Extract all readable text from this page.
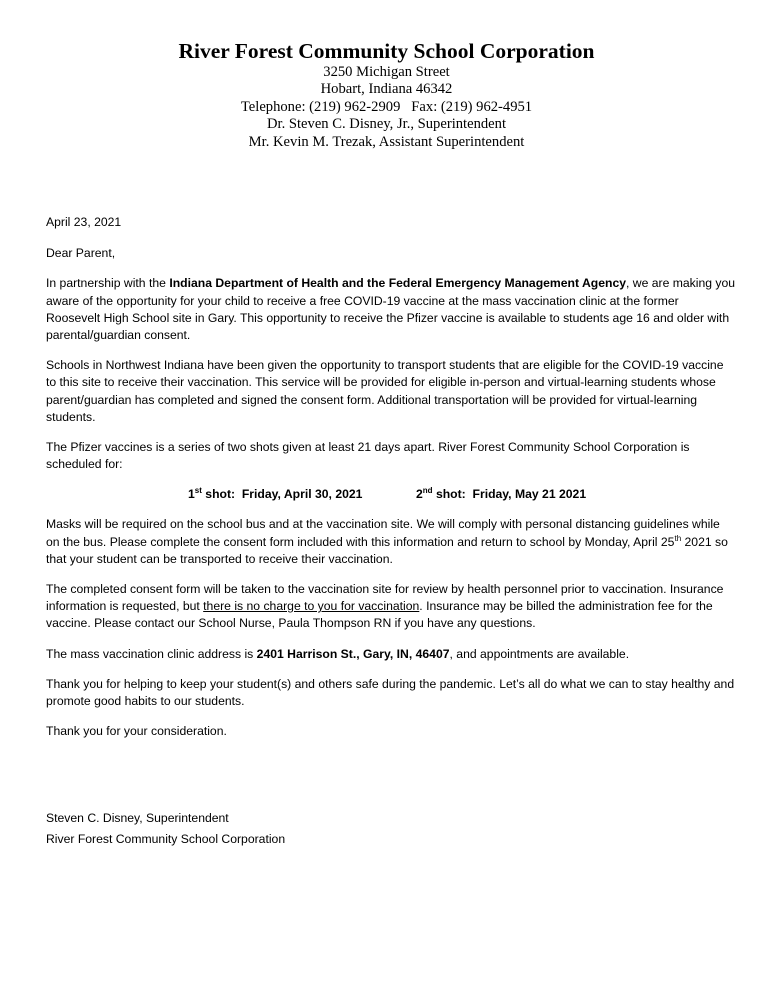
River Forest Community School Corporation
3250 Michigan Street
Hobart, Indiana 46342
Telephone: (219) 962-2909   Fax: (219) 962-4951
Dr. Steven C. Disney, Jr., Superintendent
Mr. Kevin M. Trezak, Assistant Superintendent

April 23, 2021

Dear Parent,

In partnership with the Indiana Department of Health and the Federal Emergency Management Agency, we are making you aware of the opportunity for your child to receive a free COVID-19 vaccine at the mass vaccination clinic at the former Roosevelt High School site in Gary. This opportunity to receive the Pfizer vaccine is available to students age 16 and older with parental/guardian consent.

Schools in Northwest Indiana have been given the opportunity to transport students that are eligible for the COVID-19 vaccine to this site to receive their vaccination. This service will be provided for eligible in-person and virtual-learning students whose parent/guardian has completed and signed the consent form. Additional transportation will be provided for virtual-learning students.

The Pfizer vaccines is a series of two shots given at least 21 days apart. River Forest Community School Corporation is scheduled for:

1st shot:  Friday, April 30, 2021	2nd shot:  Friday, May 21 2021

Masks will be required on the school bus and at the vaccination site. We will comply with personal distancing guidelines while on the bus. Please complete the consent form included with this information and return to school by Monday, April 25th 2021 so that your student can be transported to receive their vaccination.

The completed consent form will be taken to the vaccination site for review by health personnel prior to vaccination. Insurance information is requested, but there is no charge to you for vaccination. Insurance may be billed the administration fee for the vaccine. Please contact our School Nurse, Paula Thompson RN if you have any questions.

The mass vaccination clinic address is 2401 Harrison St., Gary, IN, 46407, and appointments are available.

Thank you for helping to keep your student(s) and others safe during the pandemic. Let’s all do what we can to stay healthy and promote good habits to our students.

Thank you for your consideration.

Steven C. Disney, Superintendent

River Forest Community School Corporation
